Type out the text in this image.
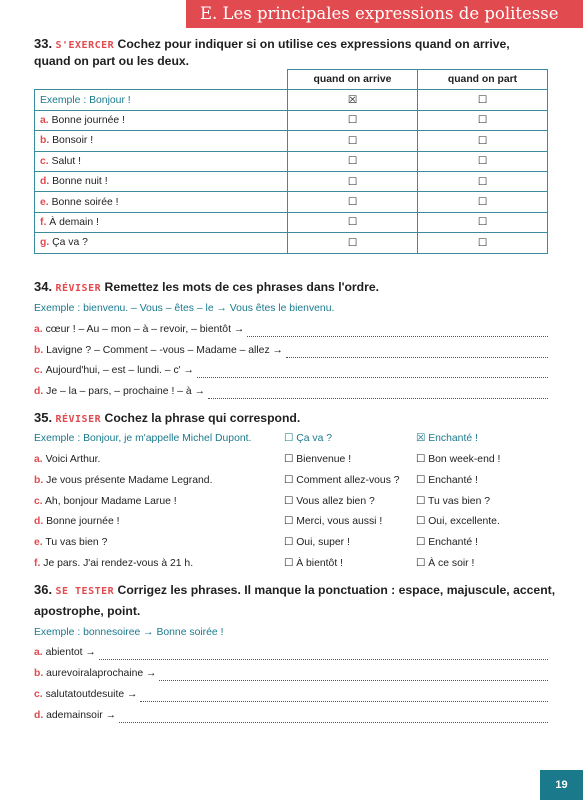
E. Les principales expressions de politesse
33. S'EXERCER Cochez pour indiquer si on utilise ces expressions quand on arrive,
quand on part ou les deux.
	quand on arrive	quand on part
Exemple : Bonjour !	☒	☐
a. Bonne journée !	☐	☐
b. Bonsoir !	☐	☐
c. Salut !	☐	☐
d. Bonne nuit !	☐	☐
e. Bonne soirée !	☐	☐
f. À demain !	☐	☐
g. Ça va ?	☐	☐
34. RÉVISER Remettez les mots de ces phrases dans l'ordre.
Exemple : bienvenu. – Vous – êtes – le → Vous êtes le bienvenu.
a.
cœur ! – Au – mon – à – revoir, – bientôt →
b.
Lavigne ? – Comment – -vous – Madame – allez →
c.
Aujourd'hui, – est – lundi. – c' →
d.
Je – la – pars, – prochaine ! – à →
35. RÉVISER Cochez la phrase qui correspond.
Exemple : Bonjour, je m'appelle Michel Dupont.	☐ Ça va ?	☒ Enchanté !
a. Voici Arthur.	☐ Bienvenue !	☐ Bon week-end !
b. Je vous présente Madame Legrand.	☐ Comment allez-vous ? ☐ Enchanté !
c. Ah, bonjour Madame Larue !	☐ Vous allez bien ?	☐ Tu vas bien ?
d. Bonne journée !	☐ Merci, vous aussi !	☐ Oui, excellente.
e. Tu vas bien ?	☐ Oui, super !	☐ Enchanté !
f. Je pars. J'ai rendez-vous à 21 h.	☐ À bientôt !	☐ À ce soir !
36. SE TESTER Corrigez les phrases. Il manque la ponctuation : espace, majuscule, accent,
apostrophe, point.
Exemple : bonnesoiree → Bonne soirée !
a.
abientot →
b.
aurevoiralaprochaine →
c.
salutatoutdesuite →
d.
ademainsoir →
19
